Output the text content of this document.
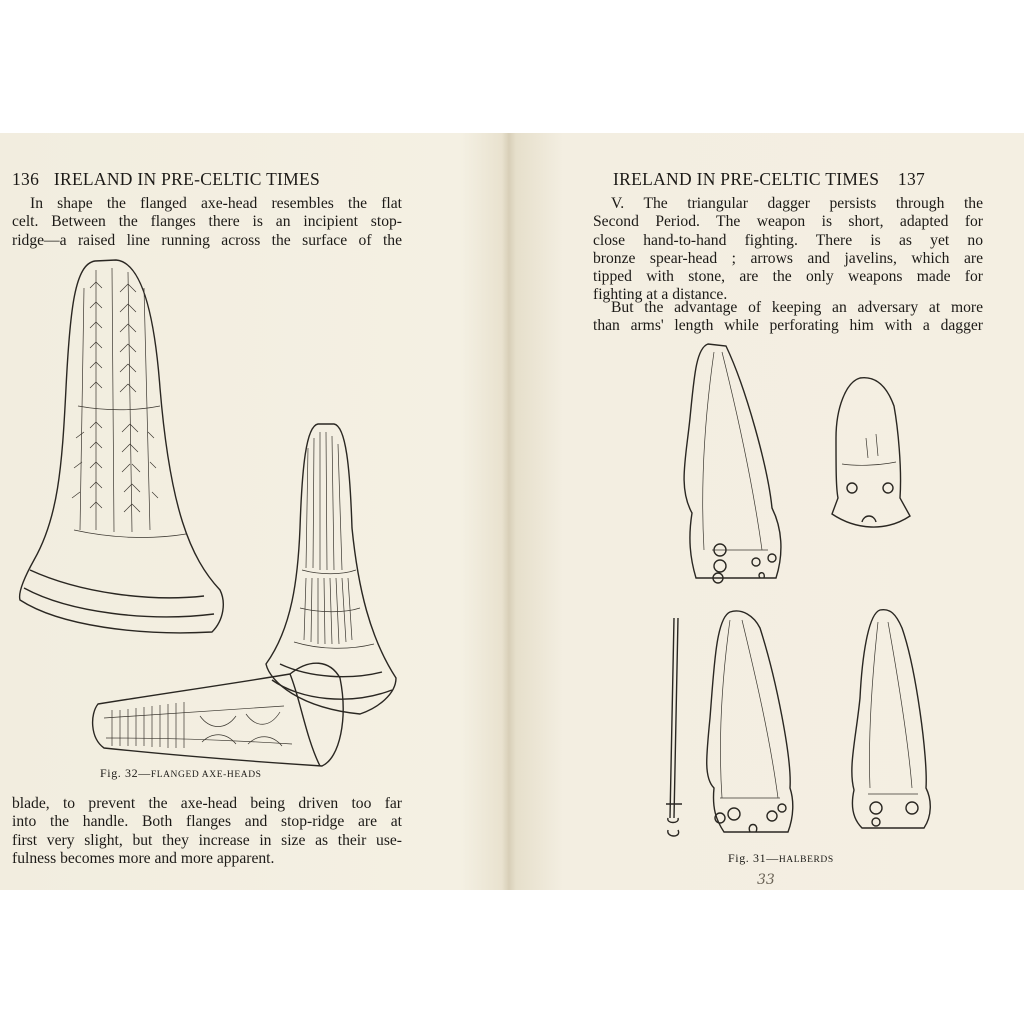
136 IRELAND IN PRE-CELTIC TIMES
In shape the flanged axe-head resembles the flat
celt. Between the flanges there is an incipient stop-
ridge—a raised line running across the surface of the
Fig. 32—FLANGED AXE-HEADS
blade, to prevent the axe-head being driven too far
into the handle. Both flanges and stop-ridge are at
first very slight, but they increase in size as their use-
fulness becomes more and more apparent.
IRELAND IN PRE-CELTIC TIMES 137
V. The triangular dagger persists through the
Second Period. The weapon is short, adapted for
close hand-to-hand fighting. There is as yet no
bronze spear-head ; arrows and javelins, which are
tipped with stone, are the only weapons made for
fighting at a distance.
But the advantage of keeping an adversary at more
than arms' length while perforating him with a dagger
Fig. 31—HALBERDS
33
